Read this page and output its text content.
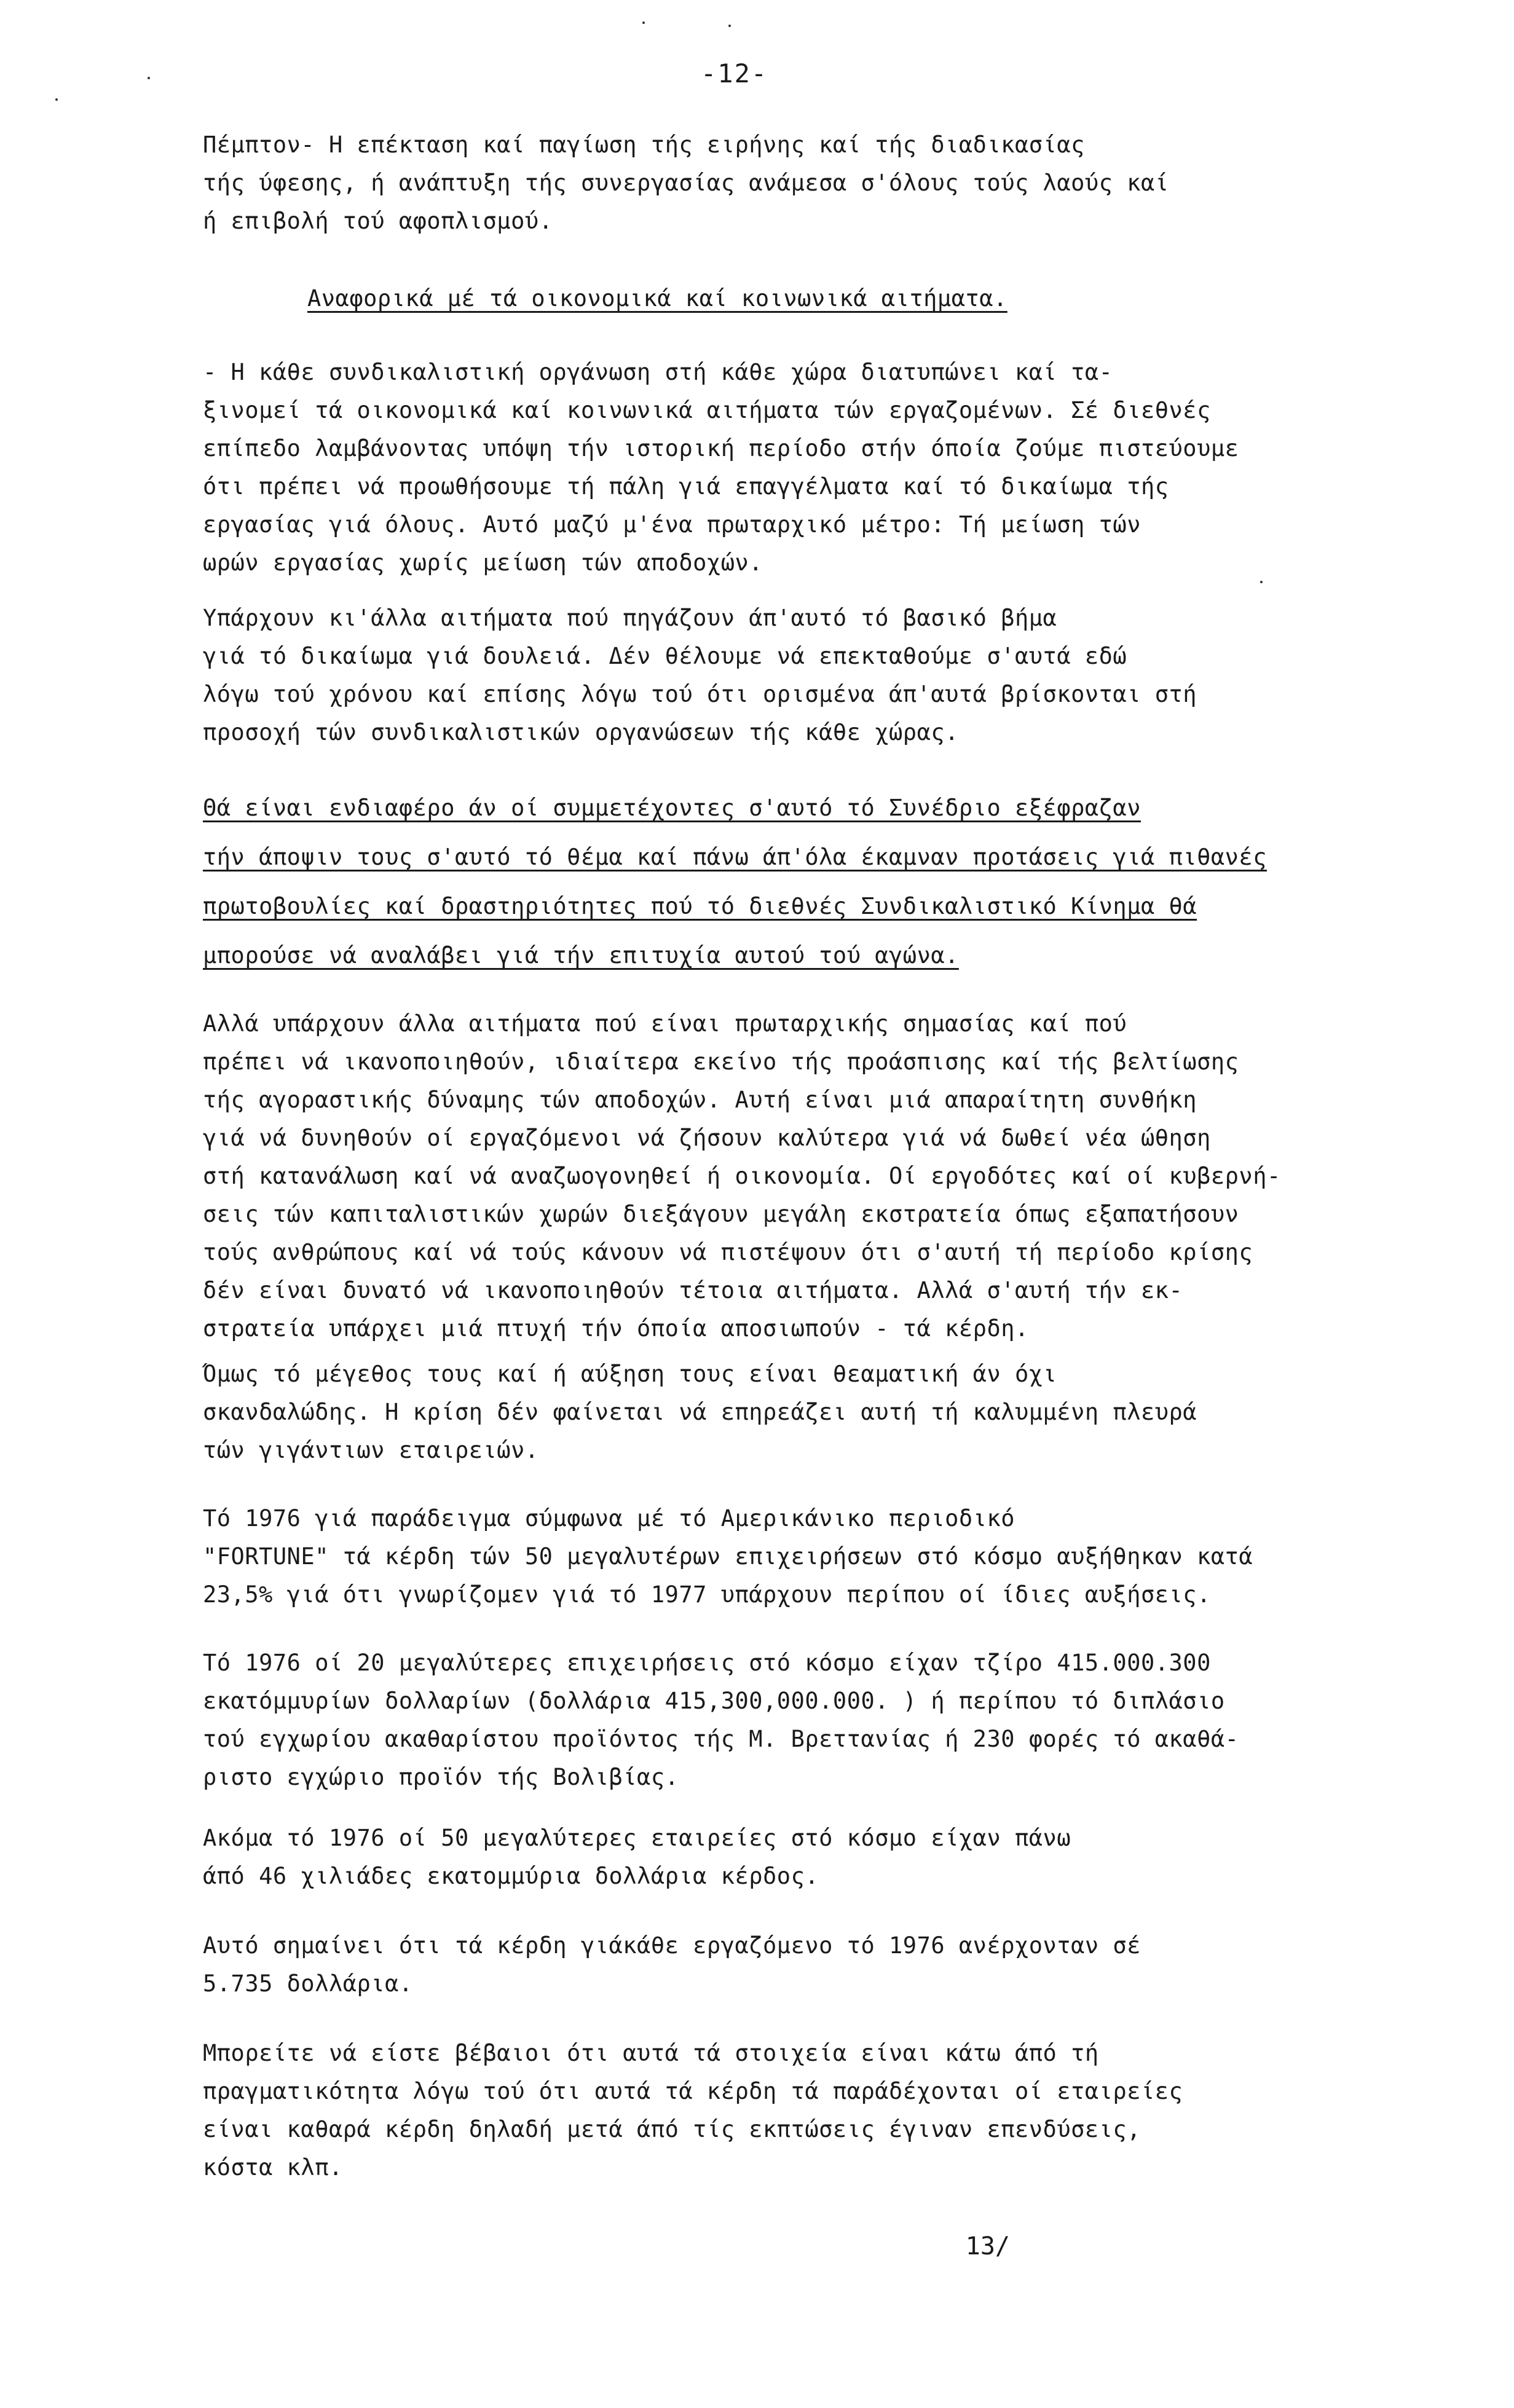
-12-
Πέμπτον- Η επέκταση καί παγίωση τής ειρήνης καί τής διαδικασίας
τής ύφεσης, ή ανάπτυξη τής συνεργασίας ανάμεσα σ'όλους τούς λαούς καί
ή επιβολή τού αφοπλισμού.
Αναφορικά μέ τά οικονομικά καί κοινωνικά αιτήματα.
- Η κάθε συνδικαλιστική οργάνωση στή κάθε χώρα διατυπώνει καί τα-
ξινομεί τά οικονομικά καί κοινωνικά αιτήματα τών εργαζομένων. Σέ διεθνές
επίπεδο λαμβάνοντας υπόψη τήν ιστορική περίοδο στήν όποία ζούμε πιστεύουμε
ότι πρέπει νά προωθήσουμε τή πάλη γιά επαγγέλματα καί τό δικαίωμα τής
εργασίας γιά όλους. Αυτό μαζύ μ'ένα πρωταρχικό μέτρο: Τή μείωση τών
ωρών εργασίας χωρίς μείωση τών αποδοχών.
Υπάρχουν κι'άλλα αιτήματα πού πηγάζουν άπ'αυτό τό βασικό βήμα
γιά τό δικαίωμα γιά δουλειά. Δέν θέλουμε νά επεκταθούμε σ'αυτά εδώ
λόγω τού χρόνου καί επίσης λόγω τού ότι ορισμένα άπ'αυτά βρίσκονται στή
προσοχή τών συνδικαλιστικών οργανώσεων τής κάθε χώρας.
Θά είναι ενδιαφέρο άν οί συμμετέχοντες σ'αυτό τό Συνέδριο εξέφραζαν
τήν άποψιν τους σ'αυτό τό θέμα καί πάνω άπ'όλα έκαμναν προτάσεις γιά πιθανές
πρωτοβουλίες καί δραστηριότητες πού τό διεθνές Συνδικαλιστικό Κίνημα θά
μπορούσε νά αναλάβει γιά τήν επιτυχία αυτού τού αγώνα.
Αλλά υπάρχουν άλλα αιτήματα πού είναι πρωταρχικής σημασίας καί πού
πρέπει νά ικανοποιηθούν, ιδιαίτερα εκείνο τής προάσπισης καί τής βελτίωσης
τής αγοραστικής δύναμης τών αποδοχών. Αυτή είναι μιά απαραίτητη συνθήκη
γιά νά δυνηθούν οί εργαζόμενοι νά ζήσουν καλύτερα γιά νά δωθεί νέα ώθηση
στή κατανάλωση καί νά αναζωογονηθεί ή οικονομία. Οί εργοδότες καί οί κυβερνή-
σεις τών καπιταλιστικών χωρών διεξάγουν μεγάλη εκστρατεία όπως εξαπατήσουν
τούς ανθρώπους καί νά τούς κάνουν νά πιστέψουν ότι σ'αυτή τή περίοδο κρίσης
δέν είναι δυνατό νά ικανοποιηθούν τέτοια αιτήματα. Αλλά σ'αυτή τήν εκ-
στρατεία υπάρχει μιά πτυχή τήν όποία αποσιωπούν - τά κέρδη.
Όμως τό μέγεθος τους καί ή αύξηση τους είναι θεαματική άν όχι
σκανδαλώδης. Η κρίση δέν φαίνεται νά επηρεάζει αυτή τή καλυμμένη πλευρά
τών γιγάντιων εταιρειών.
Τό 1976 γιά παράδειγμα σύμφωνα μέ τό Αμερικάνικο περιοδικό
"FORTUNE" τά κέρδη τών 50 μεγαλυτέρων επιχειρήσεων στό κόσμο αυξήθηκαν κατά
23,5% γιά ότι γνωρίζομεν γιά τό 1977 υπάρχουν περίπου οί ίδιες αυξήσεις.
Τό 1976 οί 20 μεγαλύτερες επιχειρήσεις στό κόσμο είχαν τζίρο 415.000.300
εκατόμμυρίων δολλαρίων (δολλάρια 415,300,000.000. ) ή περίπου τό διπλάσιο
τού εγχωρίου ακαθαρίστου προϊόντος τής Μ. Βρεττανίας ή 230 φορές τό ακαθά-
ριστο εγχώριο προϊόν τής Βολιβίας.
Ακόμα τό 1976 οί 50 μεγαλύτερες εταιρείες στό κόσμο είχαν πάνω
άπό 46 χιλιάδες εκατομμύρια δολλάρια κέρδος.
Αυτό σημαίνει ότι τά κέρδη γιάκάθε εργαζόμενο τό 1976 ανέρχονταν σέ
5.735 δολλάρια.
Μπορείτε νά είστε βέβαιοι ότι αυτά τά στοιχεία είναι κάτω άπό τή
πραγματικότητα λόγω τού ότι αυτά τά κέρδη τά παράδέχονται οί εταιρείες
είναι καθαρά κέρδη δηλαδή μετά άπό τίς εκπτώσεις έγιναν επενδύσεις,
κόστα κλπ.
13/
